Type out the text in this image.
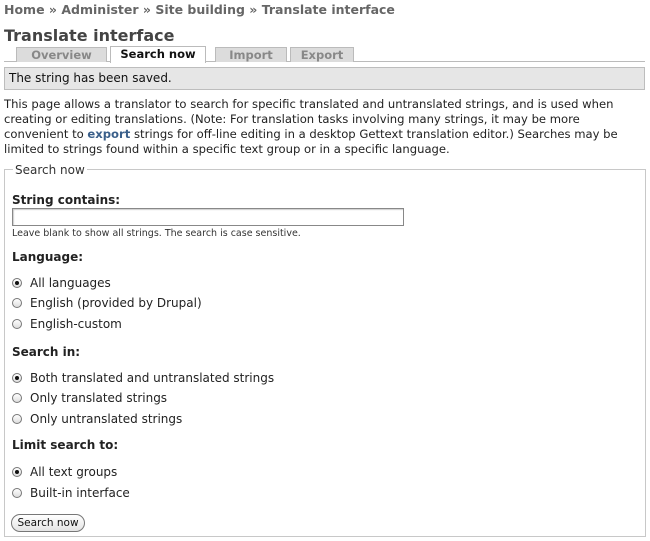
Home » Administer » Site building » Translate interface
Translate interface
Overview	Search now	Import	Export
The string has been saved.
This page allows a translator to search for specific translated and untranslated strings, and is used when creating or editing translations. (Note: For translation tasks involving many strings, it may be more convenient to export strings for off-line editing in a desktop Gettext translation editor.) Searches may be limited to strings found within a specific text group or in a specific language.
Search now
String contains:
Leave blank to show all strings. The search is case sensitive.
Language:
All languages
English (provided by Drupal)
English-custom
Search in:
Both translated and untranslated strings
Only translated strings
Only untranslated strings
Limit search to:
All text groups
Built-in interface
Search now
